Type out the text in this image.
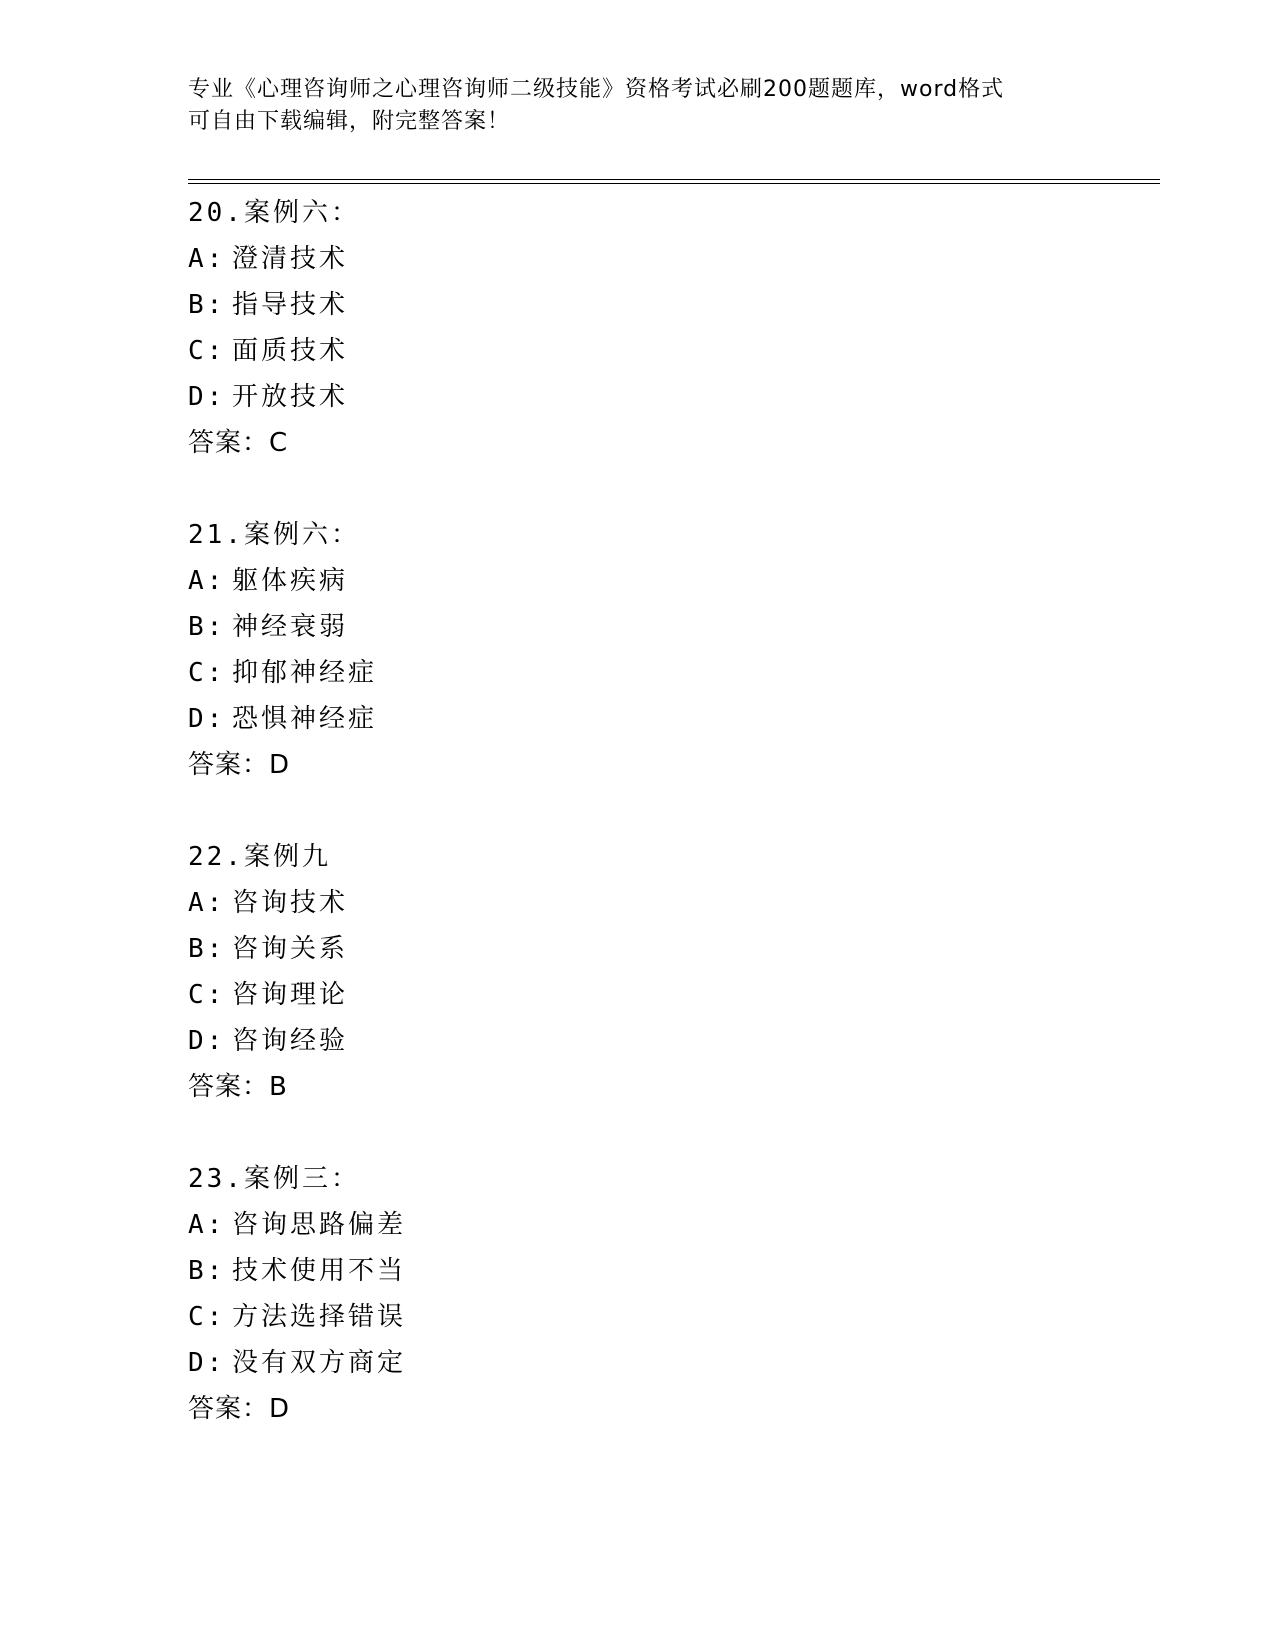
专业《心理咨询师之心理咨询师二级技能》资格考试必刷200题题库，word格式
可自由下载编辑，附完整答案！
20.案例六：
A: 澄清技术
B: 指导技术
C: 面质技术
D: 开放技术
答案：C
21.案例六：
A: 躯体疾病
B: 神经衰弱
C: 抑郁神经症
D: 恐惧神经症
答案：D
22.案例九
A: 咨询技术
B: 咨询关系
C: 咨询理论
D: 咨询经验
答案：B
23.案例三：
A: 咨询思路偏差
B: 技术使用不当
C: 方法选择错误
D: 没有双方商定
答案：D
